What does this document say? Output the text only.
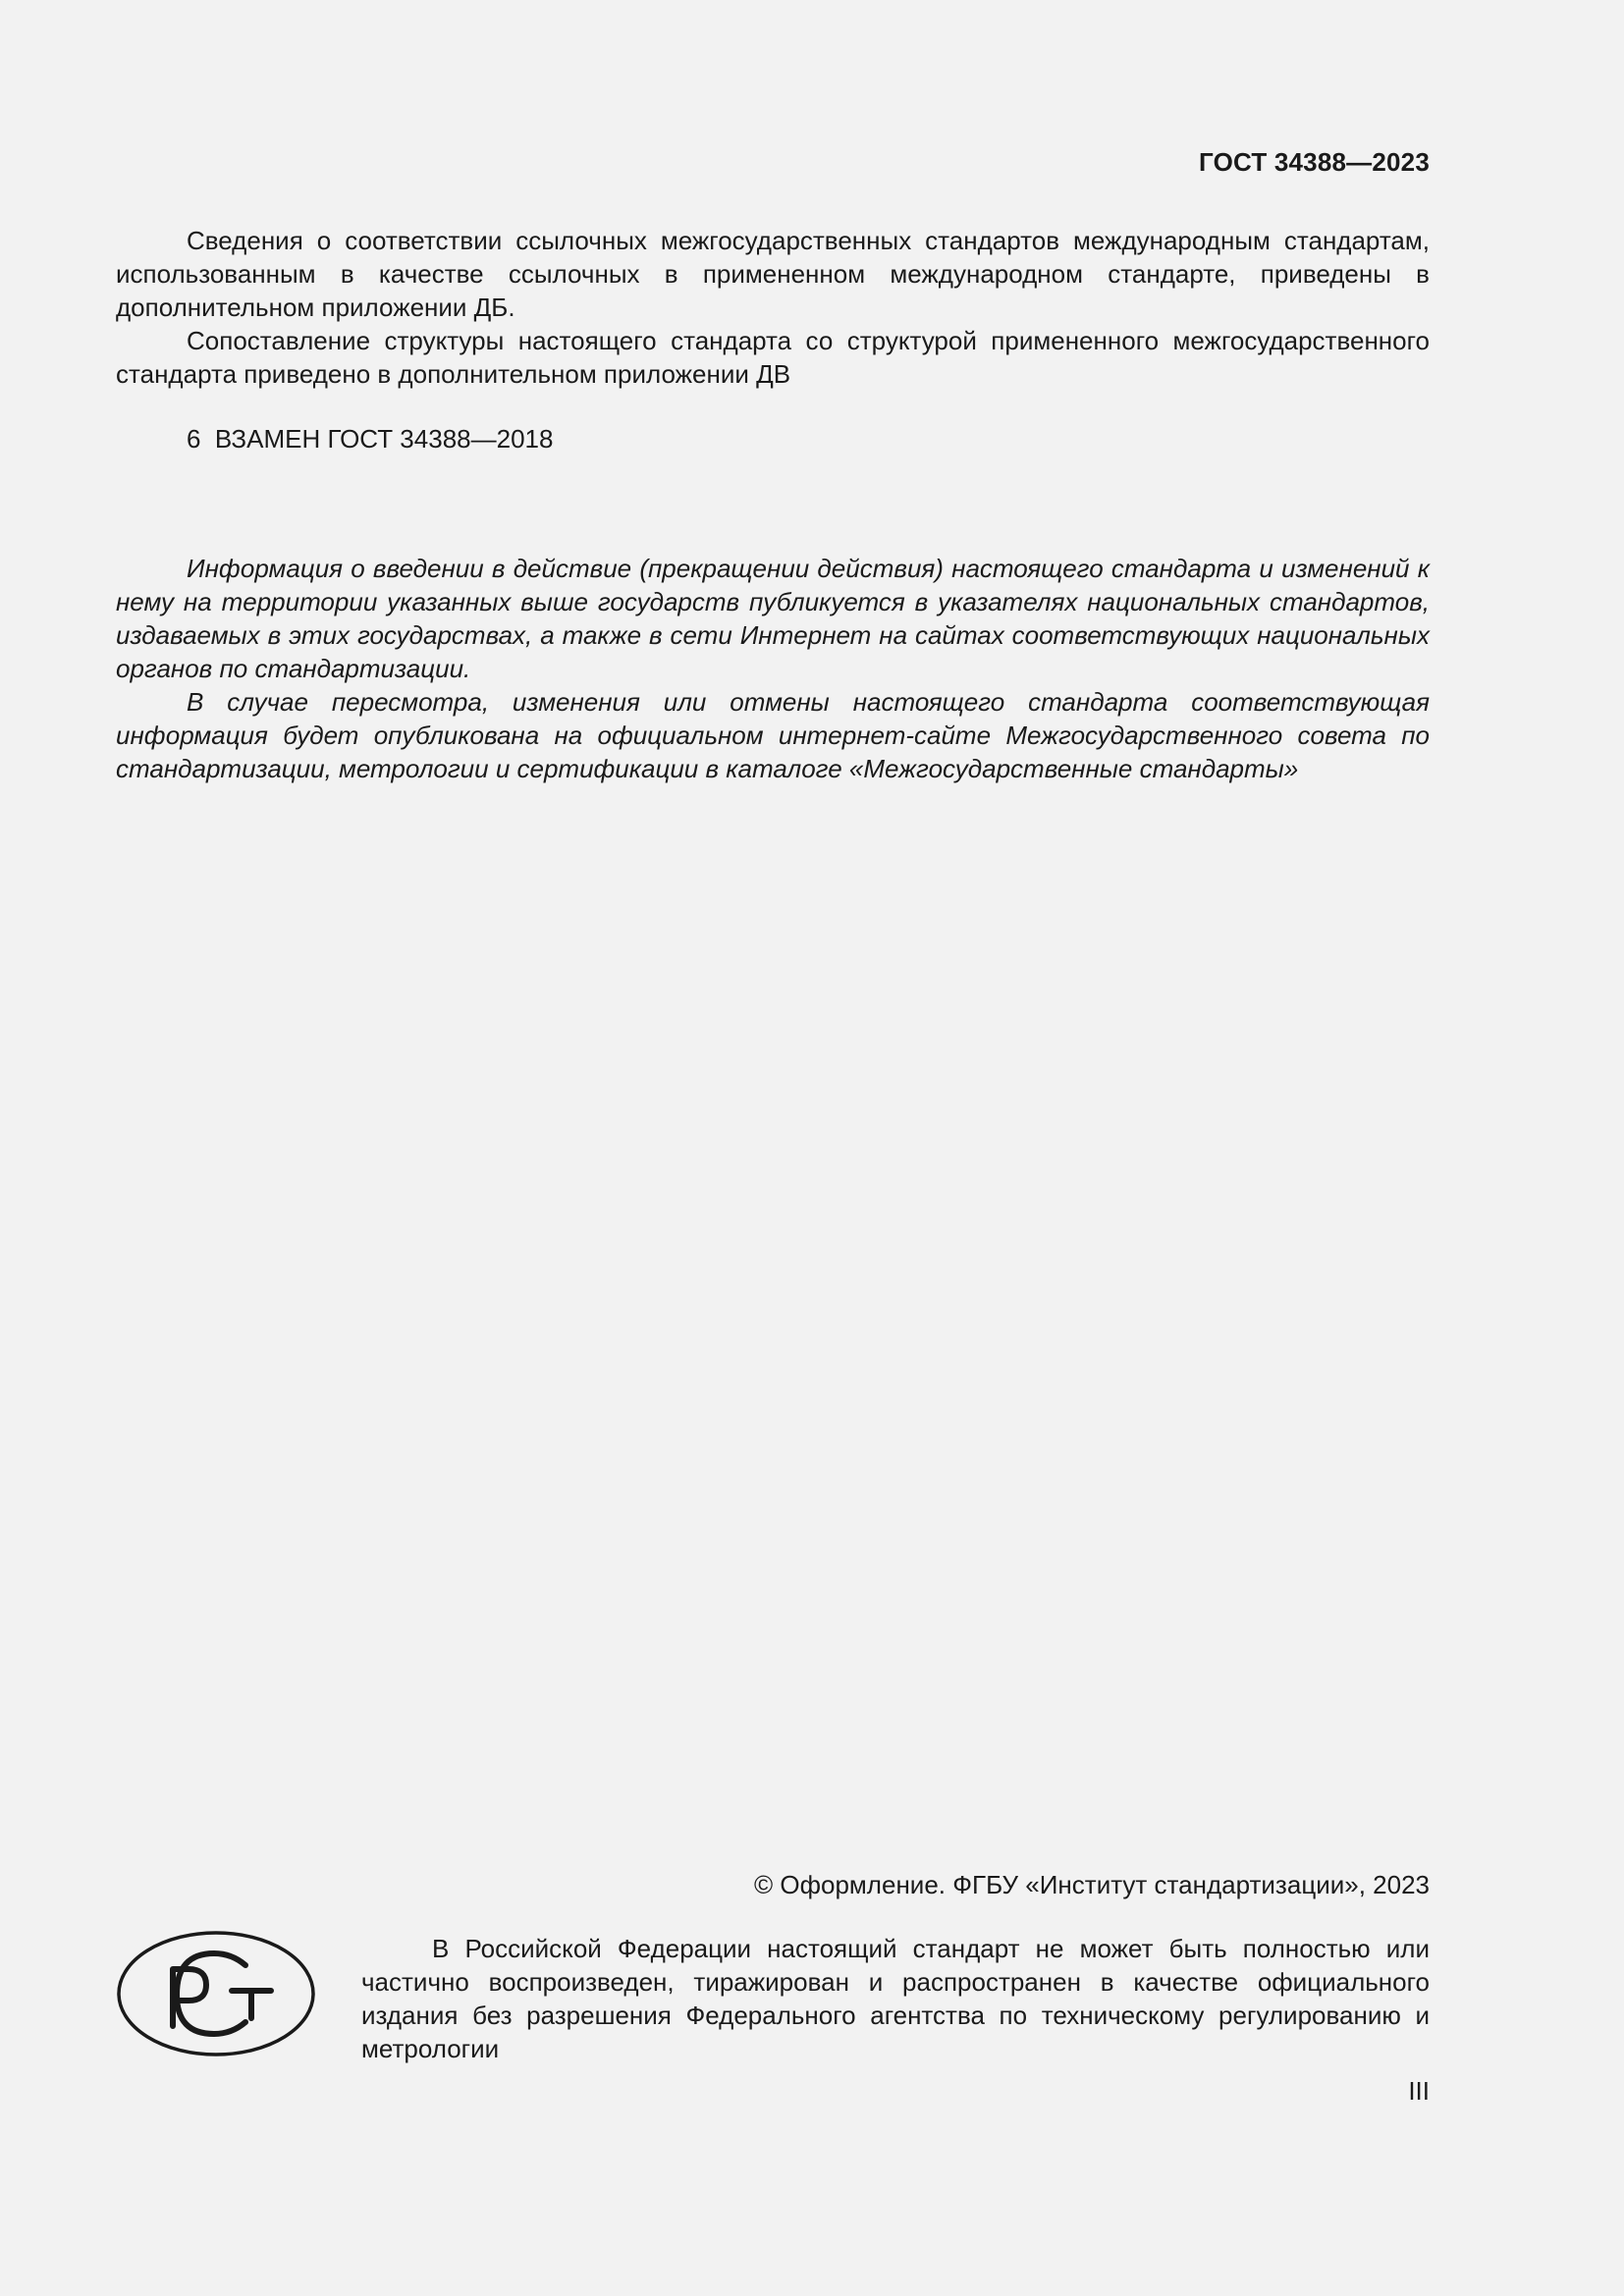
ГОСТ 34388—2023

Сведения о соответствии ссылочных межгосударственных стандартов международным стандартам, использованным в качестве ссылочных в примененном международном стандарте, приведены в дополнительном приложении ДБ.

Сопоставление структуры настоящего стандарта со структурой примененного межгосударственного стандарта приведено в дополнительном приложении ДВ

6 ВЗАМЕН ГОСТ 34388—2018

Информация о введении в действие (прекращении действия) настоящего стандарта и изменений к нему на территории указанных выше государств публикуется в указателях национальных стандартов, издаваемых в этих государствах, а также в сети Интернет на сайтах соответствующих национальных органов по стандартизации.

В случае пересмотра, изменения или отмены настоящего стандарта соответствующая информация будет опубликована на официальном интернет-сайте Межгосударственного совета по стандартизации, метрологии и сертификации в каталоге «Межгосударственные стандарты»

© Оформление. ФГБУ «Институт стандартизации», 2023

В Российской Федерации настоящий стандарт не может быть полностью или частично воспроизведен, тиражирован и распространен в качестве официального издания без разрешения Федерального агентства по техническому регулированию и метрологии

III
